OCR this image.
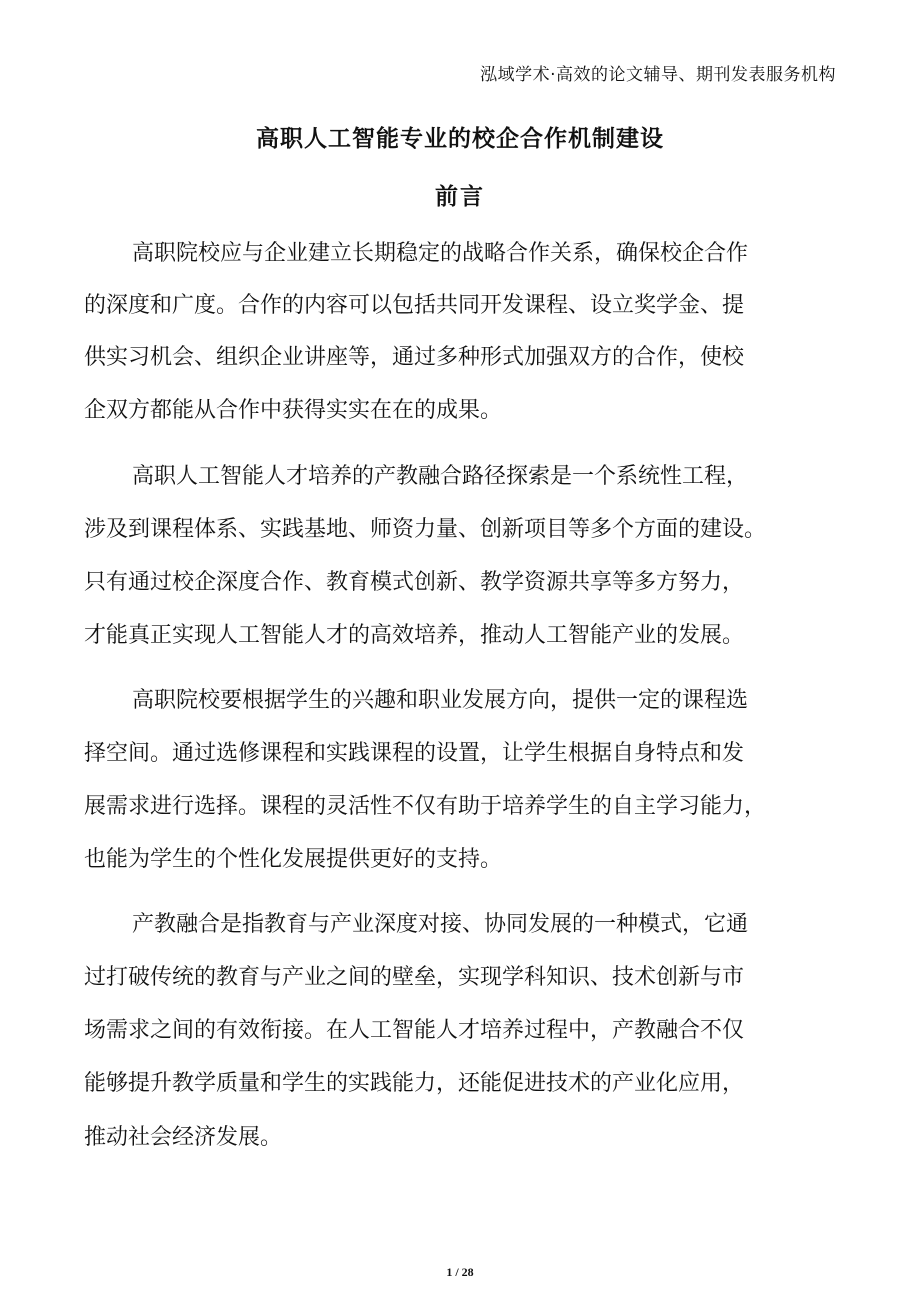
泓域学术·高效的论文辅导、期刊发表服务机构
高职人工智能专业的校企合作机制建设
前言
高职院校应与企业建立长期稳定的战略合作关系，确保校企合作
的深度和广度。合作的内容可以包括共同开发课程、设立奖学金、提
供实习机会、组织企业讲座等，通过多种形式加强双方的合作，使校
企双方都能从合作中获得实实在在的成果。
高职人工智能人才培养的产教融合路径探索是一个系统性工程，
涉及到课程体系、实践基地、师资力量、创新项目等多个方面的建设。
只有通过校企深度合作、教育模式创新、教学资源共享等多方努力，
才能真正实现人工智能人才的高效培养，推动人工智能产业的发展。
高职院校要根据学生的兴趣和职业发展方向，提供一定的课程选
择空间。通过选修课程和实践课程的设置，让学生根据自身特点和发
展需求进行选择。课程的灵活性不仅有助于培养学生的自主学习能力，
也能为学生的个性化发展提供更好的支持。
产教融合是指教育与产业深度对接、协同发展的一种模式，它通
过打破传统的教育与产业之间的壁垒，实现学科知识、技术创新与市
场需求之间的有效衔接。在人工智能人才培养过程中，产教融合不仅
能够提升教学质量和学生的实践能力，还能促进技术的产业化应用，
推动社会经济发展。
1 / 28
